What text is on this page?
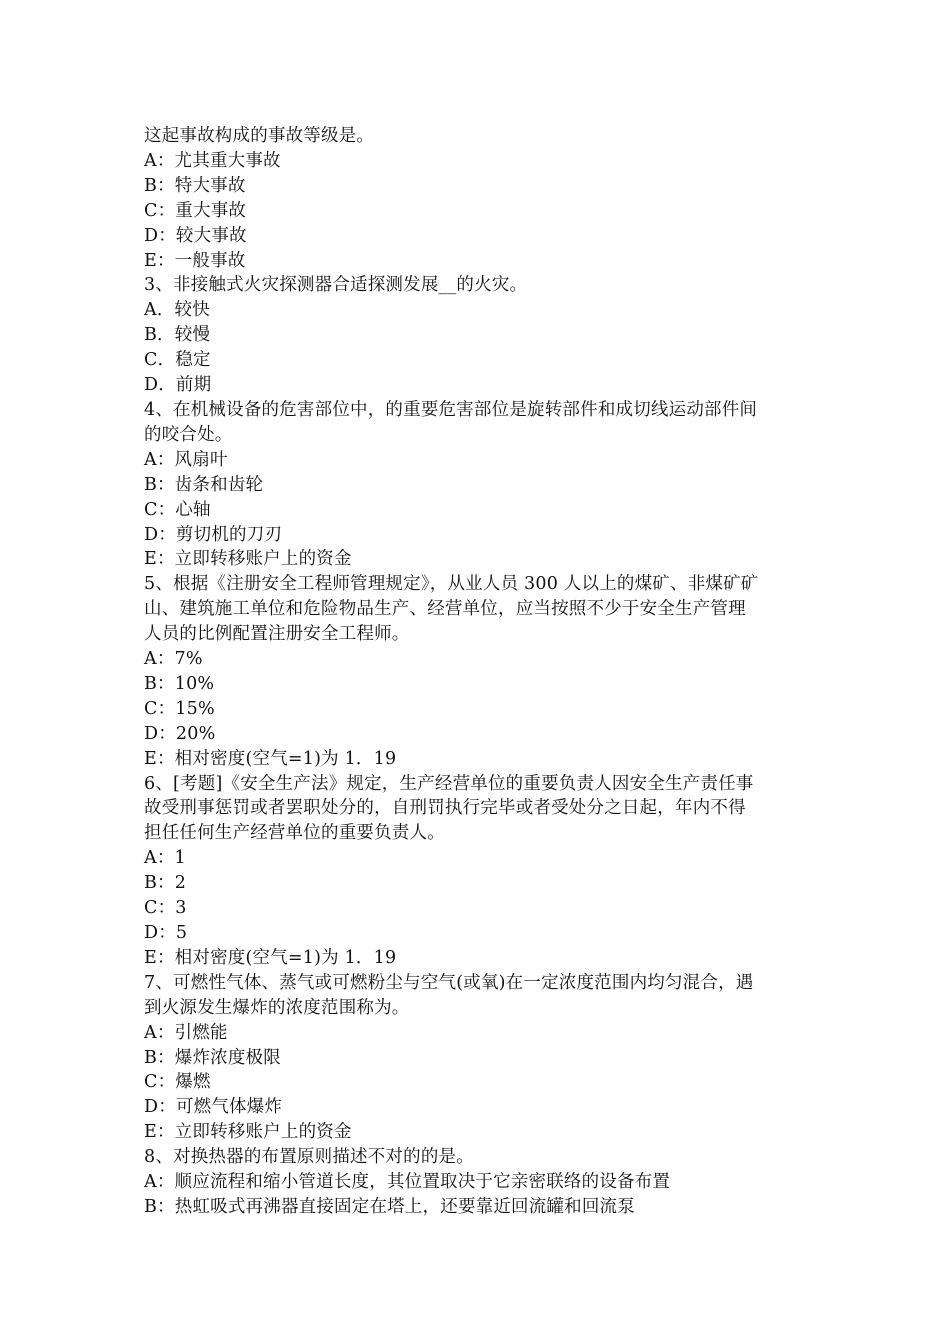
这起事故构成的事故等级是。
A：尤其重大事故
B：特大事故
C：重大事故
D：较大事故
E：一般事故
3、非接触式火灾探测器合适探测发展__的火灾。
A．较快
B．较慢
C．稳定
D．前期
4、在机械设备的危害部位中，的重要危害部位是旋转部件和成切线运动部件间
的咬合处。
A：风扇叶
B：齿条和齿轮
C：心轴
D：剪切机的刀刃
E：立即转移账户上的资金
5、根据《注册安全工程师管理规定》，从业人员 300 人以上的煤矿、非煤矿矿
山、建筑施工单位和危险物品生产、经营单位，应当按照不少于安全生产管理
人员的比例配置注册安全工程师。
A：7%
B：10%
C：15%
D：20%
E：相对密度(空气=1)为 1．19
6、[考题]《安全生产法》规定，生产经营单位的重要负责人因安全生产责任事
故受刑事惩罚或者罢职处分的，自刑罚执行完毕或者受处分之日起，年内不得
担任任何生产经营单位的重要负责人。
A：1
B：2
C：3
D：5
E：相对密度(空气=1)为 1．19
7、可燃性气体、蒸气或可燃粉尘与空气(或氧)在一定浓度范围内均匀混合，遇
到火源发生爆炸的浓度范围称为。
A：引燃能
B：爆炸浓度极限
C：爆燃
D：可燃气体爆炸
E：立即转移账户上的资金
8、对换热器的布置原则描述不对的的是。
A：顺应流程和缩小管道长度，其位置取决于它亲密联络的设备布置
B：热虹吸式再沸器直接固定在塔上，还要靠近回流罐和回流泵
